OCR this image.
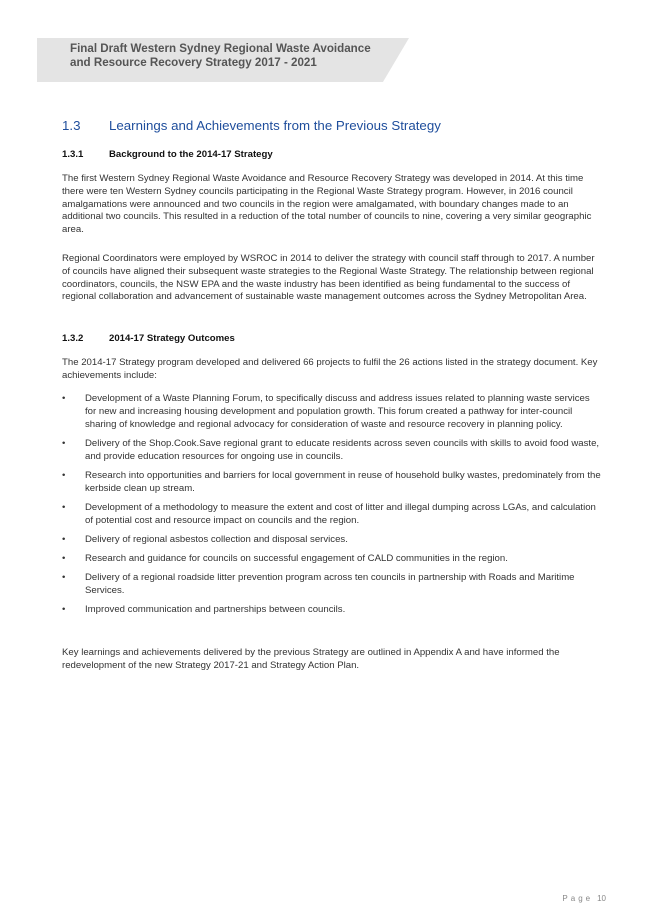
Final Draft Western Sydney Regional Waste Avoidance
and Resource Recovery Strategy 2017 - 2021
1.3 Learnings and Achievements from the Previous Strategy
1.3.1	Background to the 2014-17 Strategy

The first Western Sydney Regional Waste Avoidance and Resource Recovery Strategy was developed in 2014. At this time there were ten Western Sydney councils participating in the Regional Waste Strategy program. However, in 2016 council amalgamations were announced and two councils in the region were amalgamated, with boundary changes made to an additional two councils. This resulted in a reduction of the total number of councils to nine, covering a very similar geographic area.

Regional Coordinators were employed by WSROC in 2014 to deliver the strategy with council staff through to 2017. A number of councils have aligned their subsequent waste strategies to the Regional Waste Strategy. The relationship between regional coordinators, councils, the NSW EPA and the waste industry has been identified as being fundamental to the success of regional collaboration and advancement of sustainable waste management outcomes across the Sydney Metropolitan Area.

1.3.2	2014-17 Strategy Outcomes

The 2014-17 Strategy program developed and delivered 66 projects to fulfil the 26 actions listed in the strategy document. Key achievements include:

• Development of a Waste Planning Forum, to specifically discuss and address issues related to planning waste services for new and increasing housing development and population growth. This forum created a pathway for inter-council sharing of knowledge and regional advocacy for consideration of waste and resource recovery in planning policy.
• Delivery of the Shop.Cook.Save regional grant to educate residents across seven councils with skills to avoid food waste, and provide education resources for ongoing use in councils.
• Research into opportunities and barriers for local government in reuse of household bulky wastes, predominately from the kerbside clean up stream.
• Development of a methodology to measure the extent and cost of litter and illegal dumping across LGAs, and calculation of potential cost and resource impact on councils and the region.
• Delivery of regional asbestos collection and disposal services.
• Research and guidance for councils on successful engagement of CALD communities in the region.
• Delivery of a regional roadside litter prevention program across ten councils in partnership with Roads and Maritime Services.
• Improved communication and partnerships between councils.

Key learnings and achievements delivered by the previous Strategy are outlined in Appendix A and have informed the redevelopment of the new Strategy 2017-21 and Strategy Action Plan.

Page 10
